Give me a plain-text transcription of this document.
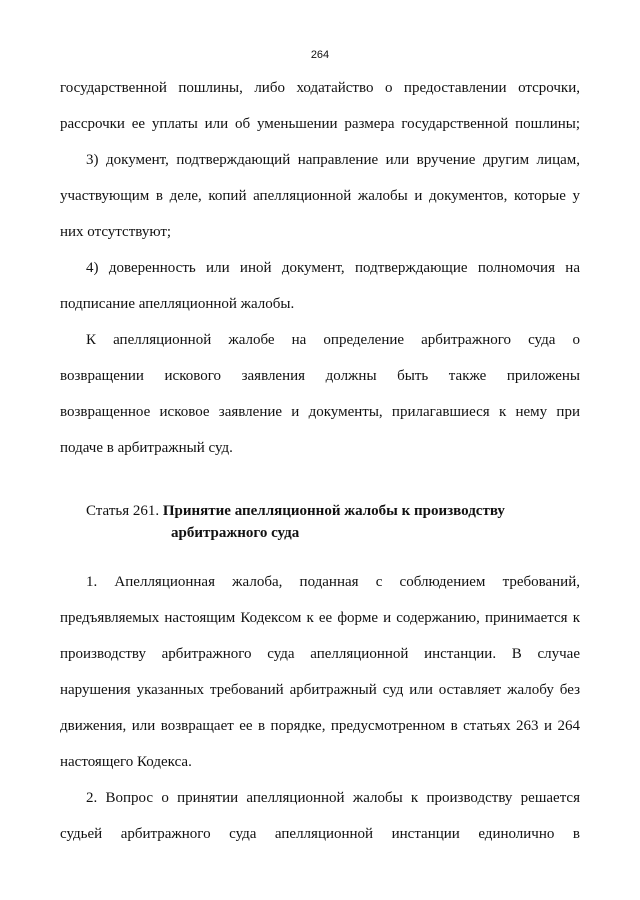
264
государственной пошлины, либо ходатайство о предоставлении отсрочки,
рассрочки ее уплаты или об уменьшении размера государственной пошлины;
3) документ, подтверждающий направление или вручение другим лицам,
участвующим в деле, копий апелляционной жалобы и документов, которые у
них отсутствуют;
4) доверенность или иной документ, подтверждающие полномочия на
подписание апелляционной жалобы.
К апелляционной жалобе на определение арбитражного суда о
возвращении искового заявления должны быть также приложены
возвращенное исковое заявление и документы, прилагавшиеся к нему при
подаче в арбитражный суд.
Статья 261. Принятие апелляционной жалобы к производству
арбитражного суда
1. Апелляционная жалоба, поданная с соблюдением требований,
предъявляемых настоящим Кодексом к ее форме и содержанию, принимается к
производству арбитражного суда апелляционной инстанции. В случае
нарушения указанных требований арбитражный суд или оставляет жалобу без
движения, или возвращает ее в порядке, предусмотренном в статьях 263 и 264
настоящего Кодекса.
2. Вопрос о принятии апелляционной жалобы к производству решается
судьей арбитражного суда апелляционной инстанции единолично в
